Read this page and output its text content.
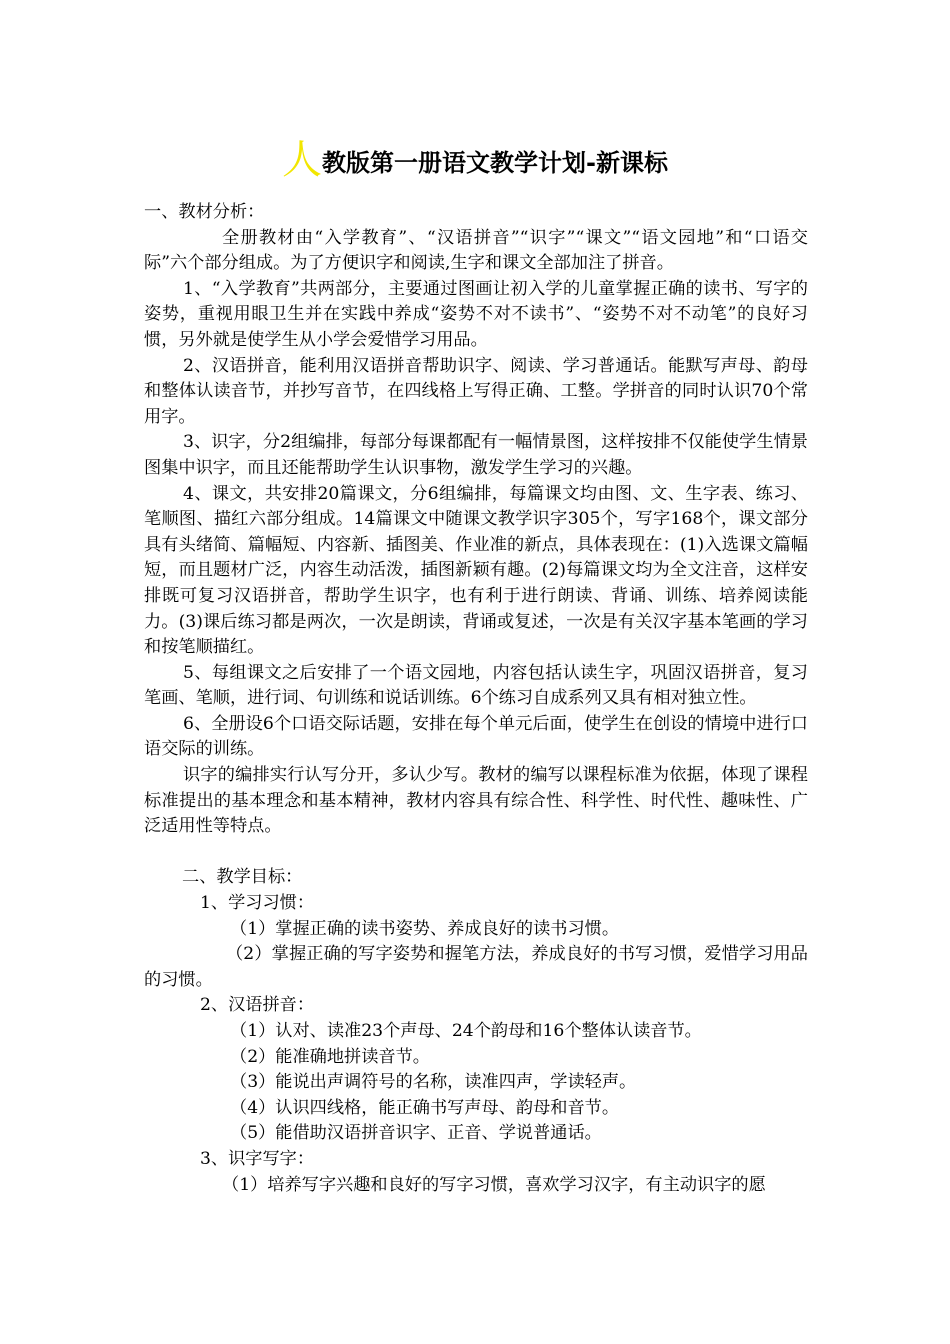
人教版第一册语文教学计划-新课标

一、教材分析：

全册教材由“入学教育”、“汉语拼音”“识字”“课文”“语文园地”和“口语交际”六个部分组成。为了方便识字和阅读,生字和课文全部加注了拼音。

1、“入学教育”共两部分，主要通过图画让初入学的儿童掌握正确的读书、写字的姿势，重视用眼卫生并在实践中养成“姿势不对不读书”、“姿势不对不动笔”的良好习惯，另外就是使学生从小学会爱惜学习用品。

2、汉语拼音，能利用汉语拼音帮助识字、阅读、学习普通话。能默写声母、韵母和整体认读音节，并抄写音节，在四线格上写得正确、工整。学拼音的同时认识70个常用字。

3、识字，分2组编排，每部分每课都配有一幅情景图，这样按排不仅能使学生情景图集中识字，而且还能帮助学生认识事物，激发学生学习的兴趣。

4、课文，共安排20篇课文，分6组编排，每篇课文均由图、文、生字表、练习、笔顺图、描红六部分组成。14篇课文中随课文教学识字305个，写字168个，课文部分具有头绪简、篇幅短、内容新、插图美、作业准的新点，具体表现在：(1)入选课文篇幅短，而且题材广泛，内容生动活泼，插图新颖有趣。(2)每篇课文均为全文注音，这样安排既可复习汉语拼音，帮助学生识字，也有利于进行朗读、背诵、训练、培养阅读能力。(3)课后练习都是两次，一次是朗读，背诵或复述，一次是有关汉字基本笔画的学习和按笔顺描红。

5、每组课文之后安排了一个语文园地，内容包括认读生字，巩固汉语拼音，复习笔画、笔顺，进行词、句训练和说话训练。6个练习自成系列又具有相对独立性。

6、全册设6个口语交际话题，安排在每个单元后面，使学生在创设的情境中进行口语交际的训练。

识字的编排实行认写分开，多认少写。教材的编写以课程标准为依据，体现了课程标准提出的基本理念和基本精神，教材内容具有综合性、科学性、时代性、趣味性、广泛适用性等特点。

二、教学目标：

1、学习习惯：

（1）掌握正确的读书姿势、养成良好的读书习惯。

（2）掌握正确的写字姿势和握笔方法，养成良好的书写习惯，爱惜学习用品的习惯。

2、汉语拼音：

（1）认对、读准23个声母、24个韵母和16个整体认读音节。

（2）能准确地拼读音节。

（3）能说出声调符号的名称，读准四声，学读轻声。

（4）认识四线格，能正确书写声母、韵母和音节。

（5）能借助汉语拼音识字、正音、学说普通话。

3、识字写字：

（1）培养写字兴趣和良好的写字习惯，喜欢学习汉字，有主动识字的愿
